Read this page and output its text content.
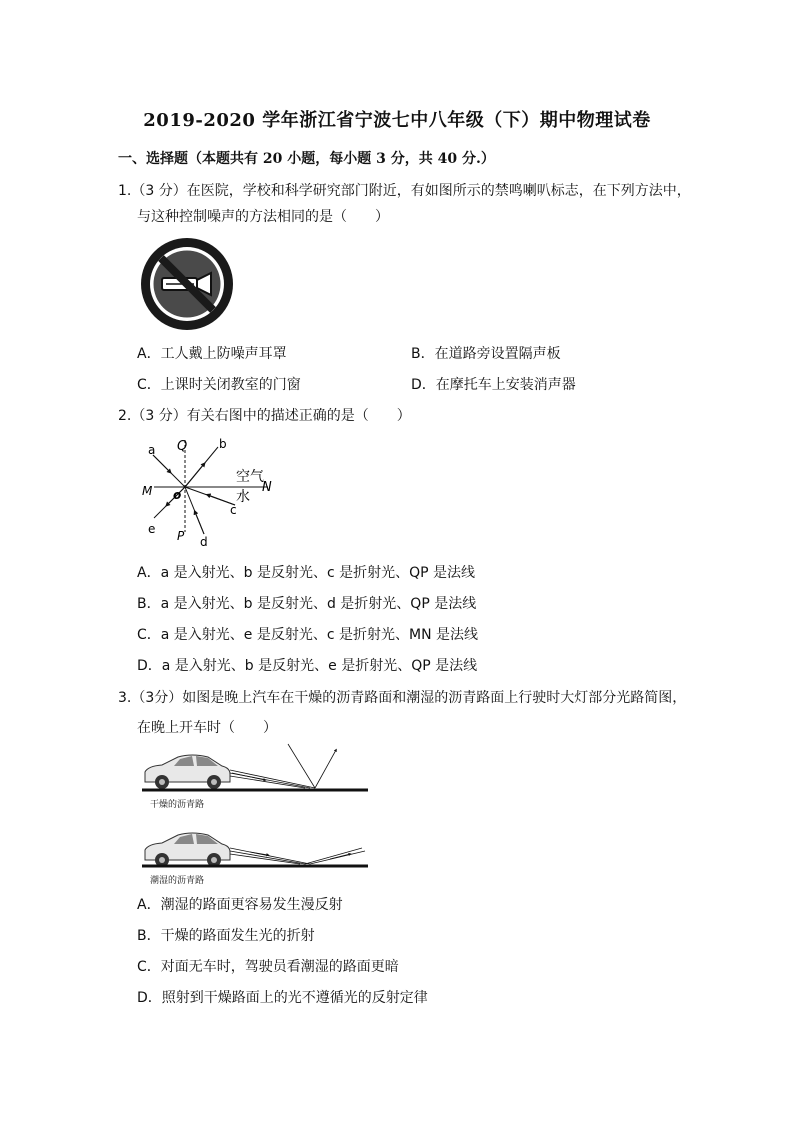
2019-2020 学年浙江省宁波七中八年级（下）期中物理试卷
一、选择题（本题共有 20 小题，每小题 3 分，共 40 分.）
1.（3 分）在医院，学校和科学研究部门附近，有如图所示的禁鸣喇叭标志，在下列方法中，
与这种控制噪声的方法相同的是（　　）
A．工人戴上防噪声耳罩	B．在道路旁设置隔声板
C．上课时关闭教室的门窗	D．在摩托车上安装消声器
2.（3 分）有关右图中的描述正确的是（　　）
a	b
Q
空气
N
M o	水
c
e P d
A．a 是入射光、b 是反射光、c 是折射光、QP 是法线
B．a 是入射光、b 是反射光、d 是折射光、QP 是法线
C．a 是入射光、e 是反射光、c 是折射光、MN 是法线
D．a 是入射光、b 是反射光、e 是折射光、QP 是法线
3.（3分）如图是晚上汽车在干燥的沥青路面和潮湿的沥青路面上行驶时大灯部分光路简图，
在晚上开车时（　　）
干燥的沥青路
潮湿的沥青路
A．潮湿的路面更容易发生漫反射
B．干燥的路面发生光的折射
C．对面无车时，驾驶员看潮湿的路面更暗
D．照射到干燥路面上的光不遵循光的反射定律
